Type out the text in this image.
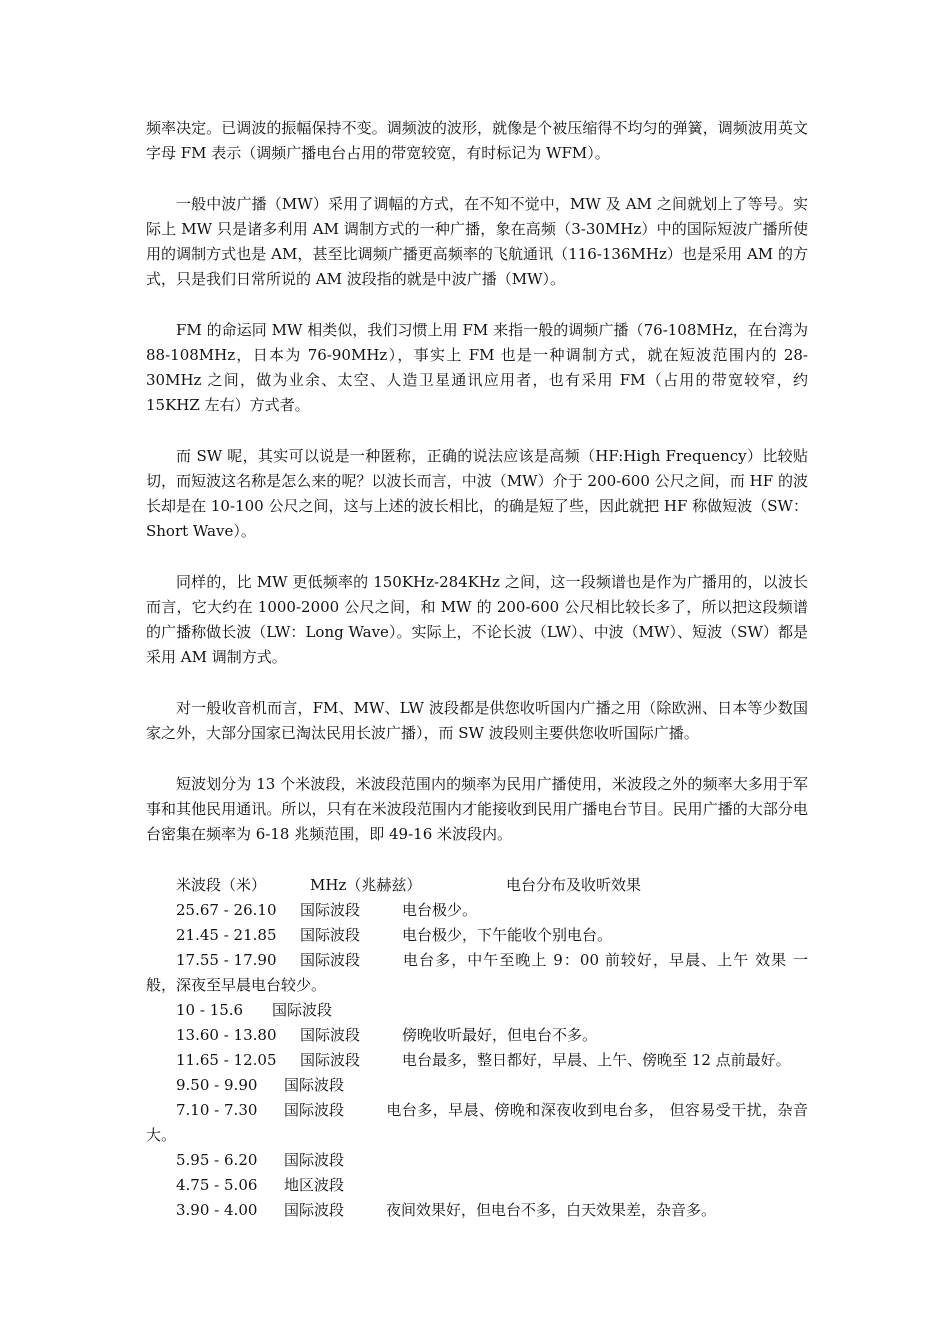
频率决定。已调波的振幅保持不变。调频波的波形，就像是个被压缩得不均匀的弹簧，调频波用英文字母 FM 表示（调频广播电台占用的带宽较宽，有时标记为 WFM）。

一般中波广播（MW）采用了调幅的方式，在不知不觉中，MW 及 AM 之间就划上了等号。实际上 MW 只是诸多利用 AM 调制方式的一种广播，象在高频（3-30MHz）中的国际短波广播所使用的调制方式也是 AM，甚至比调频广播更高频率的飞航通讯（116-136MHz）也是采用 AM 的方式，只是我们日常所说的 AM 波段指的就是中波广播（MW）。

FM 的命运同 MW 相类似，我们习惯上用 FM 来指一般的调频广播（76-108MHz，在台湾为 88-108MHz，日本为 76-90MHz），事实上 FM 也是一种调制方式，就在短波范围内的 28-30MHz 之间，做为业余、太空、人造卫星通讯应用者，也有采用 FM（占用的带宽较窄，约 15KHZ 左右）方式者。

而 SW 呢，其实可以说是一种匿称，正确的说法应该是高频（HF:High Frequency）比较贴切，而短波这名称是怎么来的呢？以波长而言，中波（MW）介于 200-600 公尺之间，而 HF 的波长却是在 10-100 公尺之间，这与上述的波长相比，的确是短了些，因此就把 HF 称做短波（SW：Short Wave）。

同样的，比 MW 更低频率的 150KHz-284KHz 之间，这一段频谱也是作为广播用的，以波长而言，它大约在 1000-2000 公尺之间，和 MW 的 200-600 公尺相比较长多了，所以把这段频谱的广播称做长波（LW：Long Wave）。实际上，不论长波（LW）、中波（MW）、短波（SW）都是采用 AM 调制方式。

对一般收音机而言，FM、MW、LW 波段都是供您收听国内广播之用（除欧洲、日本等少数国家之外，大部分国家已淘汰民用长波广播），而 SW 波段则主要供您收听国际广播。

短波划分为 13 个米波段，米波段范围内的频率为民用广播使用，米波段之外的频率大多用于军事和其他民用通讯。所以，只有在米波段范围内才能接收到民用广播电台节目。民用广播的大部分电台密集在频率为 6-18 兆频范围，即 49-16 米波段内。

米波段（米）	MHz（兆赫兹）	电台分布及收听效果
25.67 - 26.10	国际波段	电台极少。
21.45 - 21.85	国际波段	电台极少，下午能收个别电台。
17.55 - 17.90 国际波段	电台多，中午至晚上 9：00 前较好，早晨、上午 效果 一般，深夜至早晨电台较少。
10 - 15.6	国际波段
13.60 - 13.80	国际波段	傍晚收听最好，但电台不多。
11.65 - 12.05	国际波段	电台最多，整日都好，早晨、上午、傍晚至 12 点前最好。
9.50 - 9.90	国际波段
7.10 - 7.30 国际波段	电台多，早晨、傍晚和深夜收到电台多， 但容易受干扰，杂音大。
5.95 - 6.20	国际波段
4.75 - 5.06	地区波段
3.90 - 4.00	国际波段	夜间效果好，但电台不多，白天效果差，杂音多。
